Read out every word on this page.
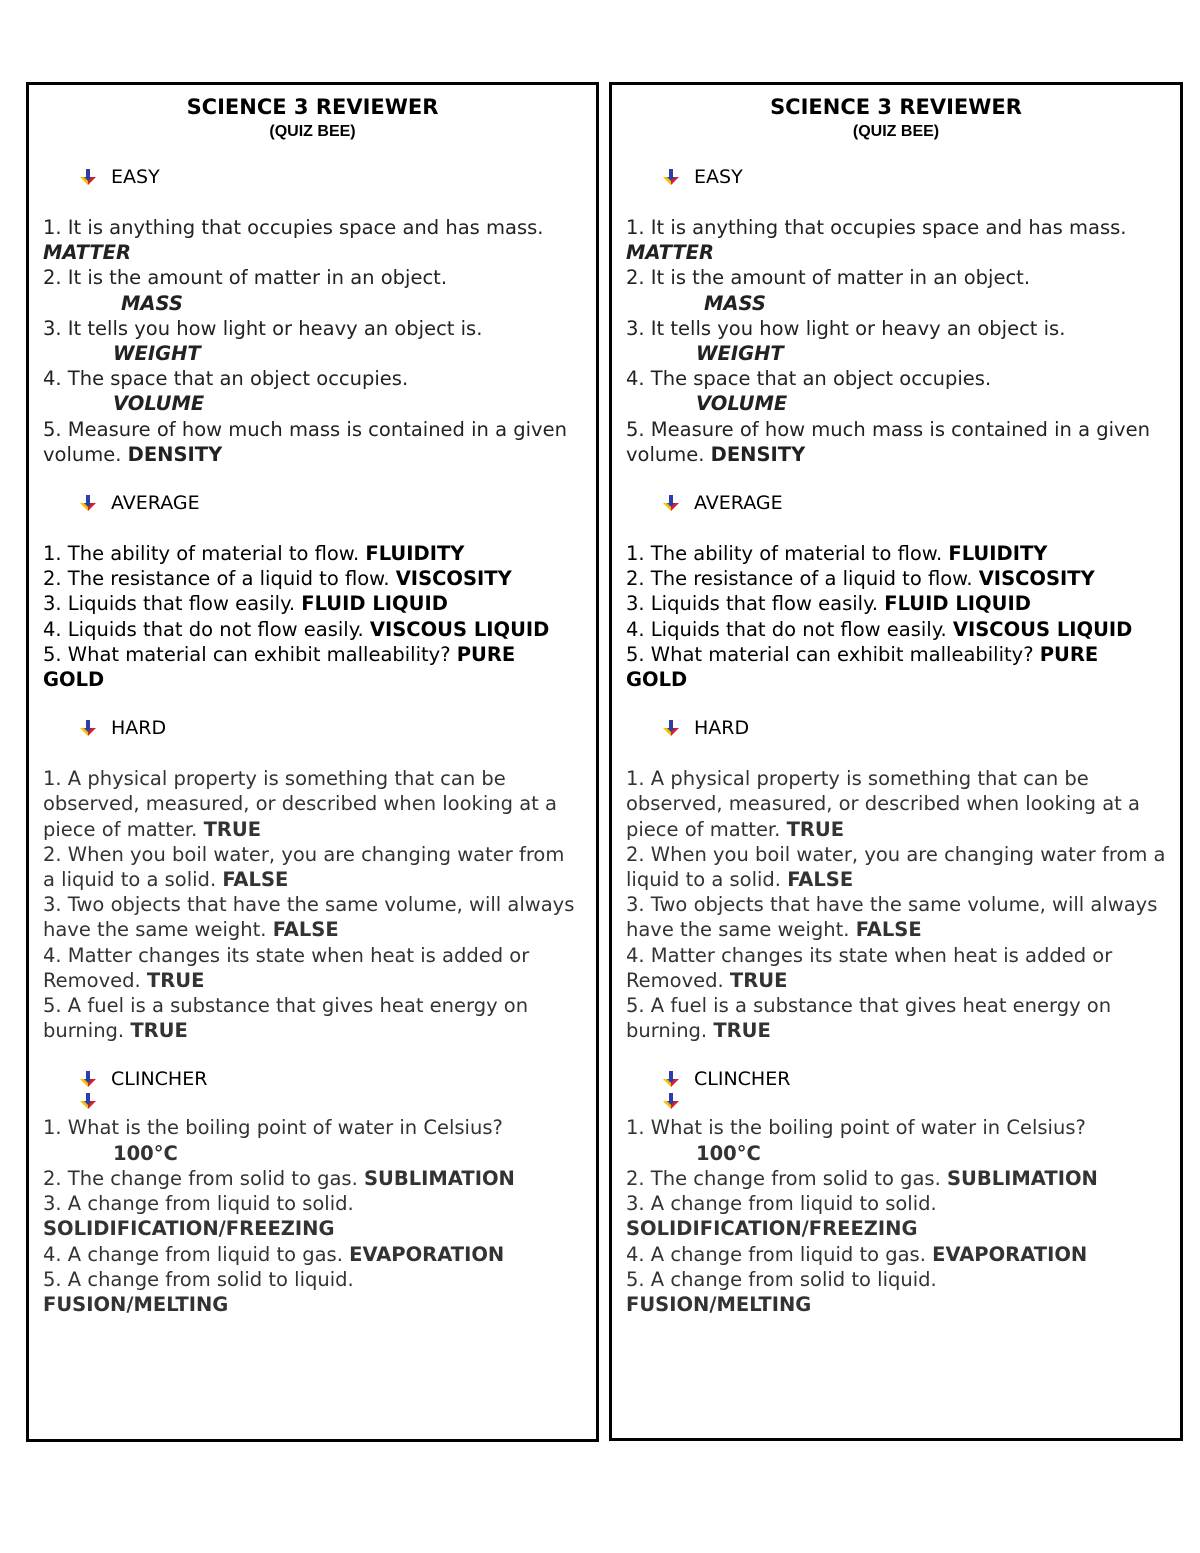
SCIENCE 3 REVIEWER

(QUIZ BEE)

EASY

1. It is anything that occupies space and has mass. MATTER

2. It is the amount of matter in an object.
MASS

3. It tells you how light or heavy an object is.
WEIGHT

4. The space that an object occupies.
VOLUME

5. Measure of how much mass is contained in a given volume. DENSITY

AVERAGE

1. The ability of material to flow. FLUIDITY

2. The resistance of a liquid to flow. VISCOSITY

3. Liquids that flow easily. FLUID LIQUID

4. Liquids that do not flow easily. VISCOUS LIQUID

5. What material can exhibit malleability? PURE GOLD

HARD

1. A physical property is something that can be observed, measured, or described when looking at a piece of matter. TRUE

2. When you boil water, you are changing water from a liquid to a solid. FALSE

3. Two objects that have the same volume, will always have the same weight. FALSE

4. Matter changes its state when heat is added or Removed. TRUE

5. A fuel is a substance that gives heat energy on burning. TRUE

CLINCHER

1. What is the boiling point of water in Celsius?
100°C

2. The change from solid to gas. SUBLIMATION

3. A change from liquid to solid.
SOLIDIFICATION/FREEZING

4. A change from liquid to gas. EVAPORATION

5. A change from solid to liquid.
FUSION/MELTING

SCIENCE 3 REVIEWER

(QUIZ BEE)

EASY

1. It is anything that occupies space and has mass. MATTER

2. It is the amount of matter in an object.
MASS

3. It tells you how light or heavy an object is.
WEIGHT

4. The space that an object occupies.
VOLUME

5. Measure of how much mass is contained in a given volume. DENSITY

AVERAGE

1. The ability of material to flow. FLUIDITY

2. The resistance of a liquid to flow. VISCOSITY

3. Liquids that flow easily. FLUID LIQUID

4. Liquids that do not flow easily. VISCOUS LIQUID

5. What material can exhibit malleability? PURE GOLD

HARD

1. A physical property is something that can be observed, measured, or described when looking at a piece of matter. TRUE

2. When you boil water, you are changing water from a liquid to a solid. FALSE

3. Two objects that have the same volume, will always have the same weight. FALSE

4. Matter changes its state when heat is added or Removed. TRUE

5. A fuel is a substance that gives heat energy on burning. TRUE

CLINCHER

1. What is the boiling point of water in Celsius?
100°C

2. The change from solid to gas. SUBLIMATION

3. A change from liquid to solid.
SOLIDIFICATION/FREEZING

4. A change from liquid to gas. EVAPORATION

5. A change from solid to liquid.
FUSION/MELTING
